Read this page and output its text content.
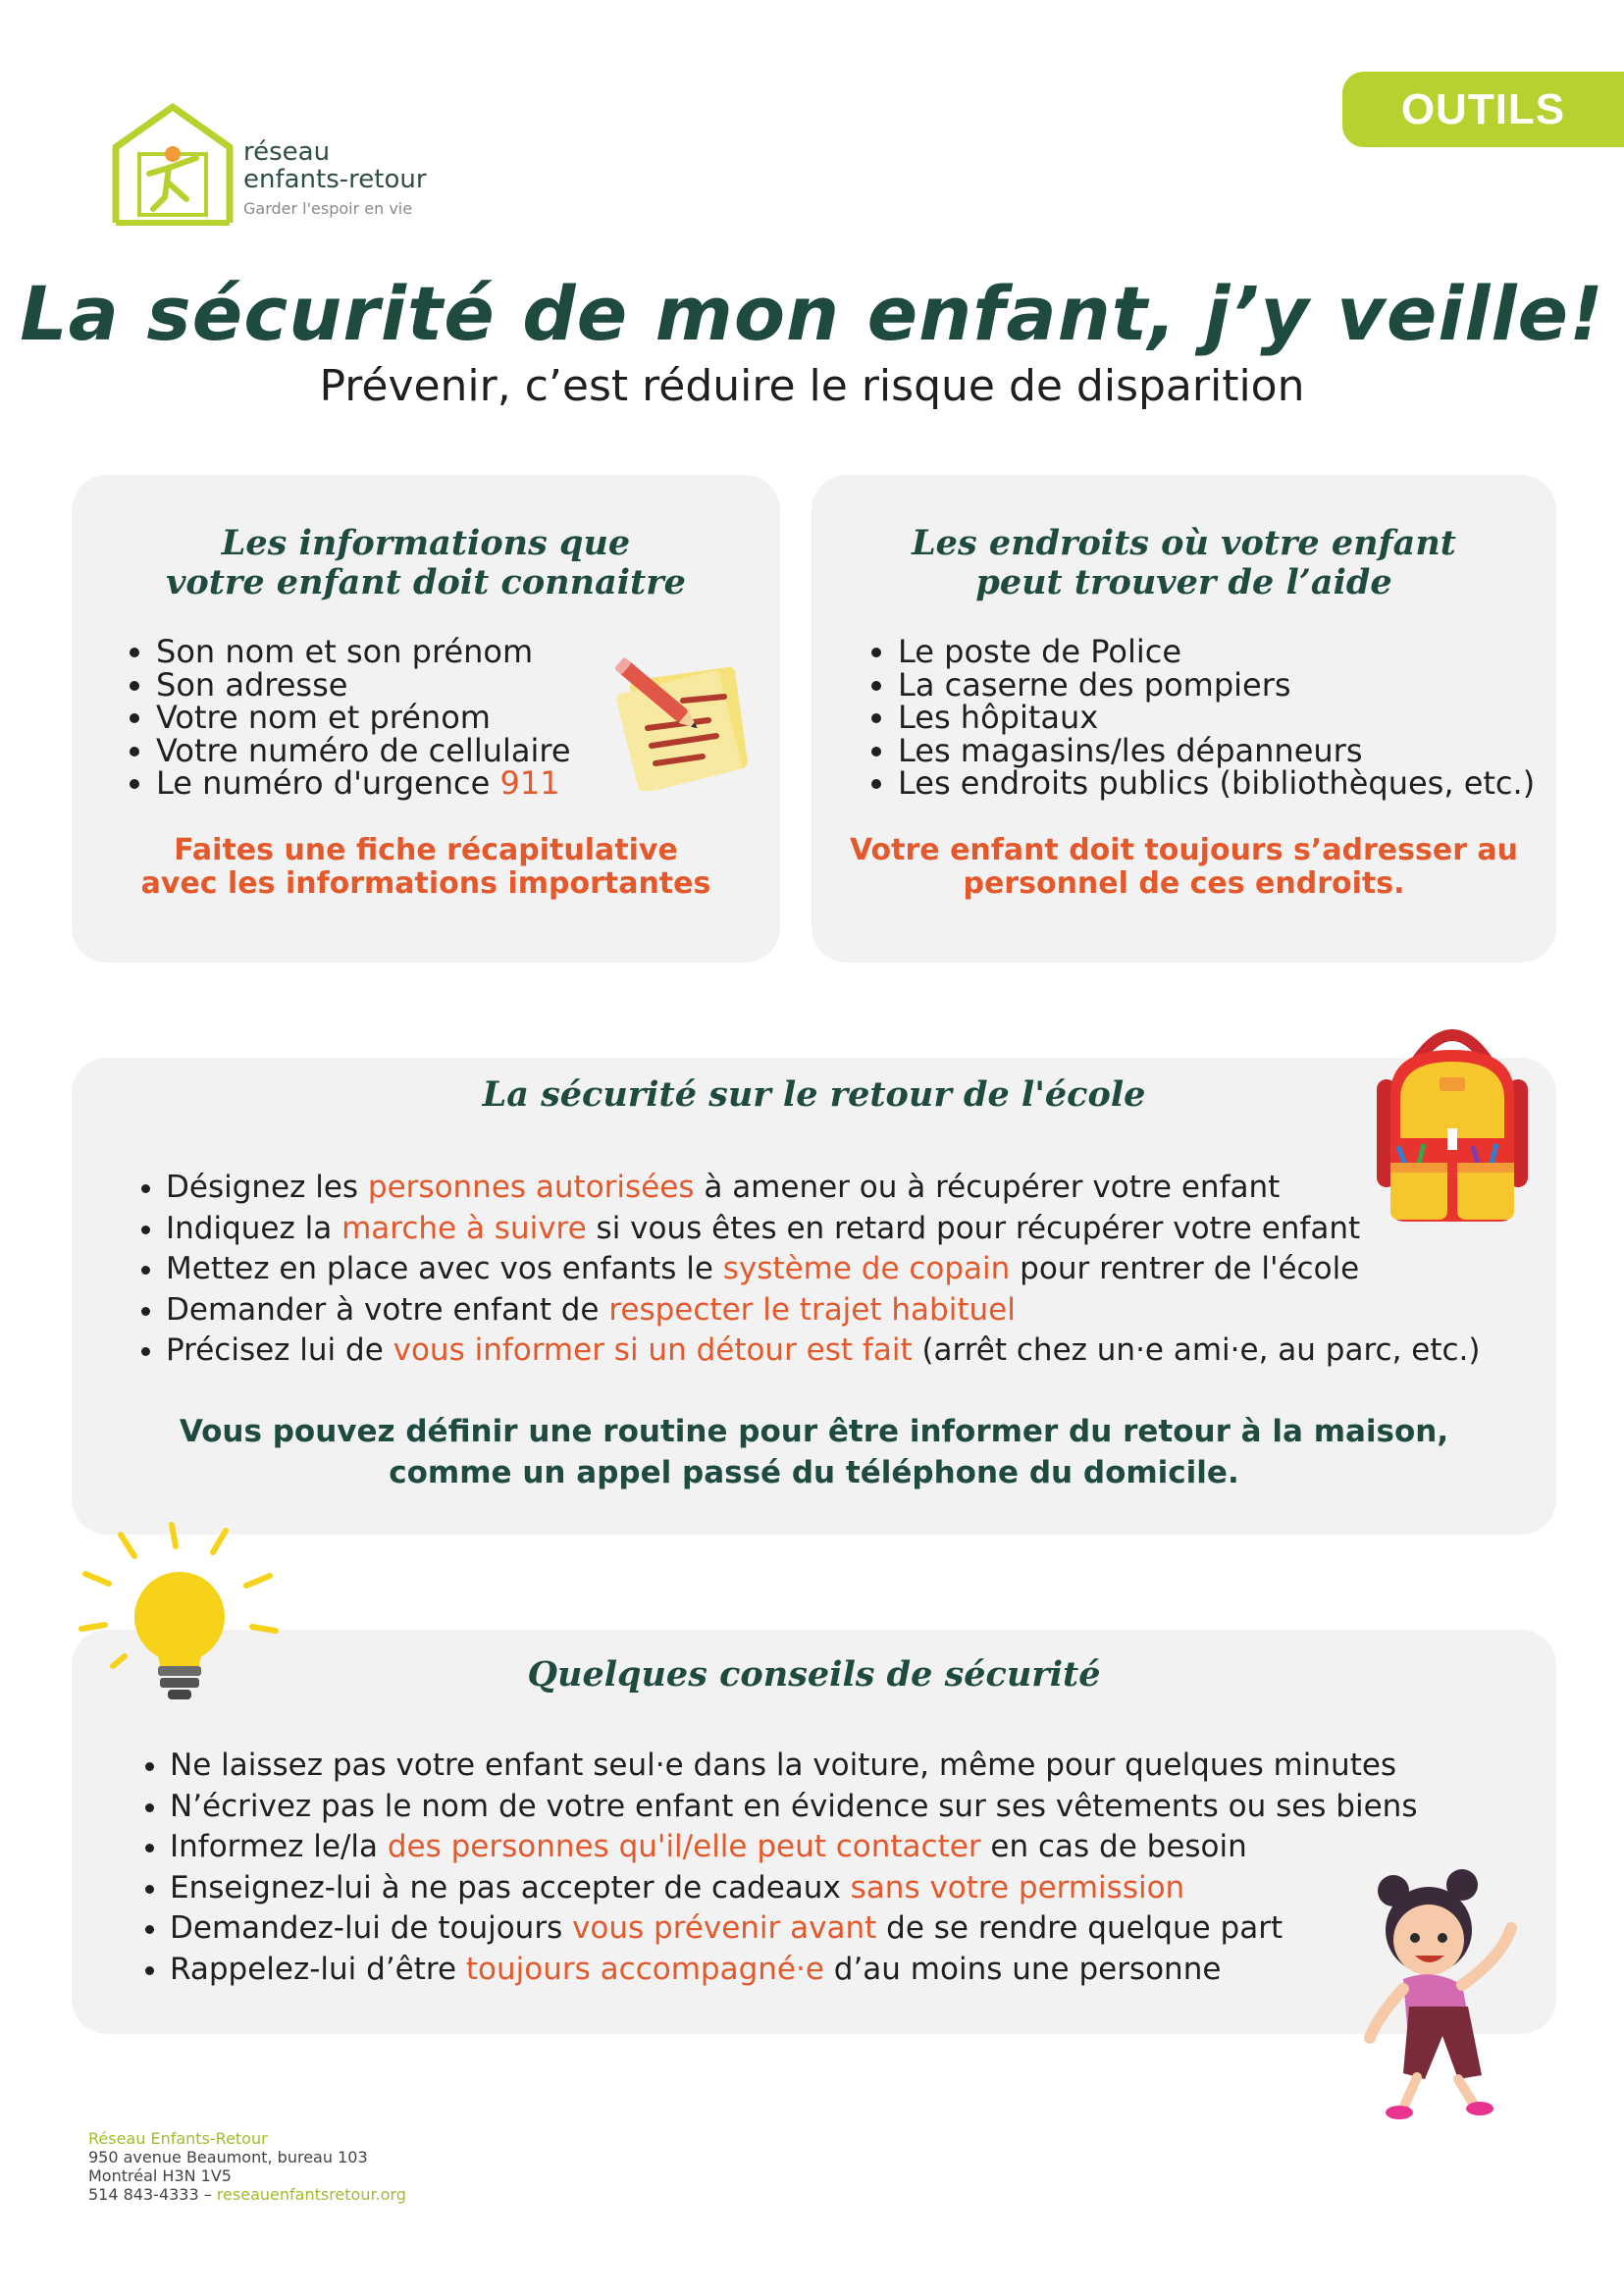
OUTILS
réseau
enfants-retour
Garder l'espoir en vie
La sécurité de mon enfant, j’y veille!
Prévenir, c’est réduire le risque de disparition
Les informations que
votre enfant doit connaitre
• Son nom et son prénom
• Son adresse
• Votre nom et prénom
• Votre numéro de cellulaire
• Le numéro d'urgence 911
Faites une fiche récapitulative
avec les informations importantes
Les endroits où votre enfant
peut trouver de l’aide
• Le poste de Police
• La caserne des pompiers
• Les hôpitaux
• Les magasins/les dépanneurs
• Les endroits publics (bibliothèques, etc.)
Votre enfant doit toujours s’adresser au
personnel de ces endroits.
La sécurité sur le retour de l'école
• Désignez les personnes autorisées à amener ou à récupérer votre enfant
• Indiquez la marche à suivre si vous êtes en retard pour récupérer votre enfant
• Mettez en place avec vos enfants le système de copain pour rentrer de l'école
• Demander à votre enfant de respecter le trajet habituel
• Précisez lui de vous informer si un détour est fait (arrêt chez un·e ami·e, au parc, etc.)
Vous pouvez définir une routine pour être informer du retour à la maison,
comme un appel passé du téléphone du domicile.
Quelques conseils de sécurité
• Ne laissez pas votre enfant seul·e dans la voiture, même pour quelques minutes
• N’écrivez pas le nom de votre enfant en évidence sur ses vêtements ou ses biens
• Informez le/la des personnes qu'il/elle peut contacter en cas de besoin
• Enseignez-lui à ne pas accepter de cadeaux sans votre permission
• Demandez-lui de toujours vous prévenir avant de se rendre quelque part
• Rappelez-lui d’être toujours accompagné·e d’au moins une personne
Réseau Enfants-Retour
950 avenue Beaumont, bureau 103
Montréal H3N 1V5
514 843-4333 – reseauenfantsretour.org
